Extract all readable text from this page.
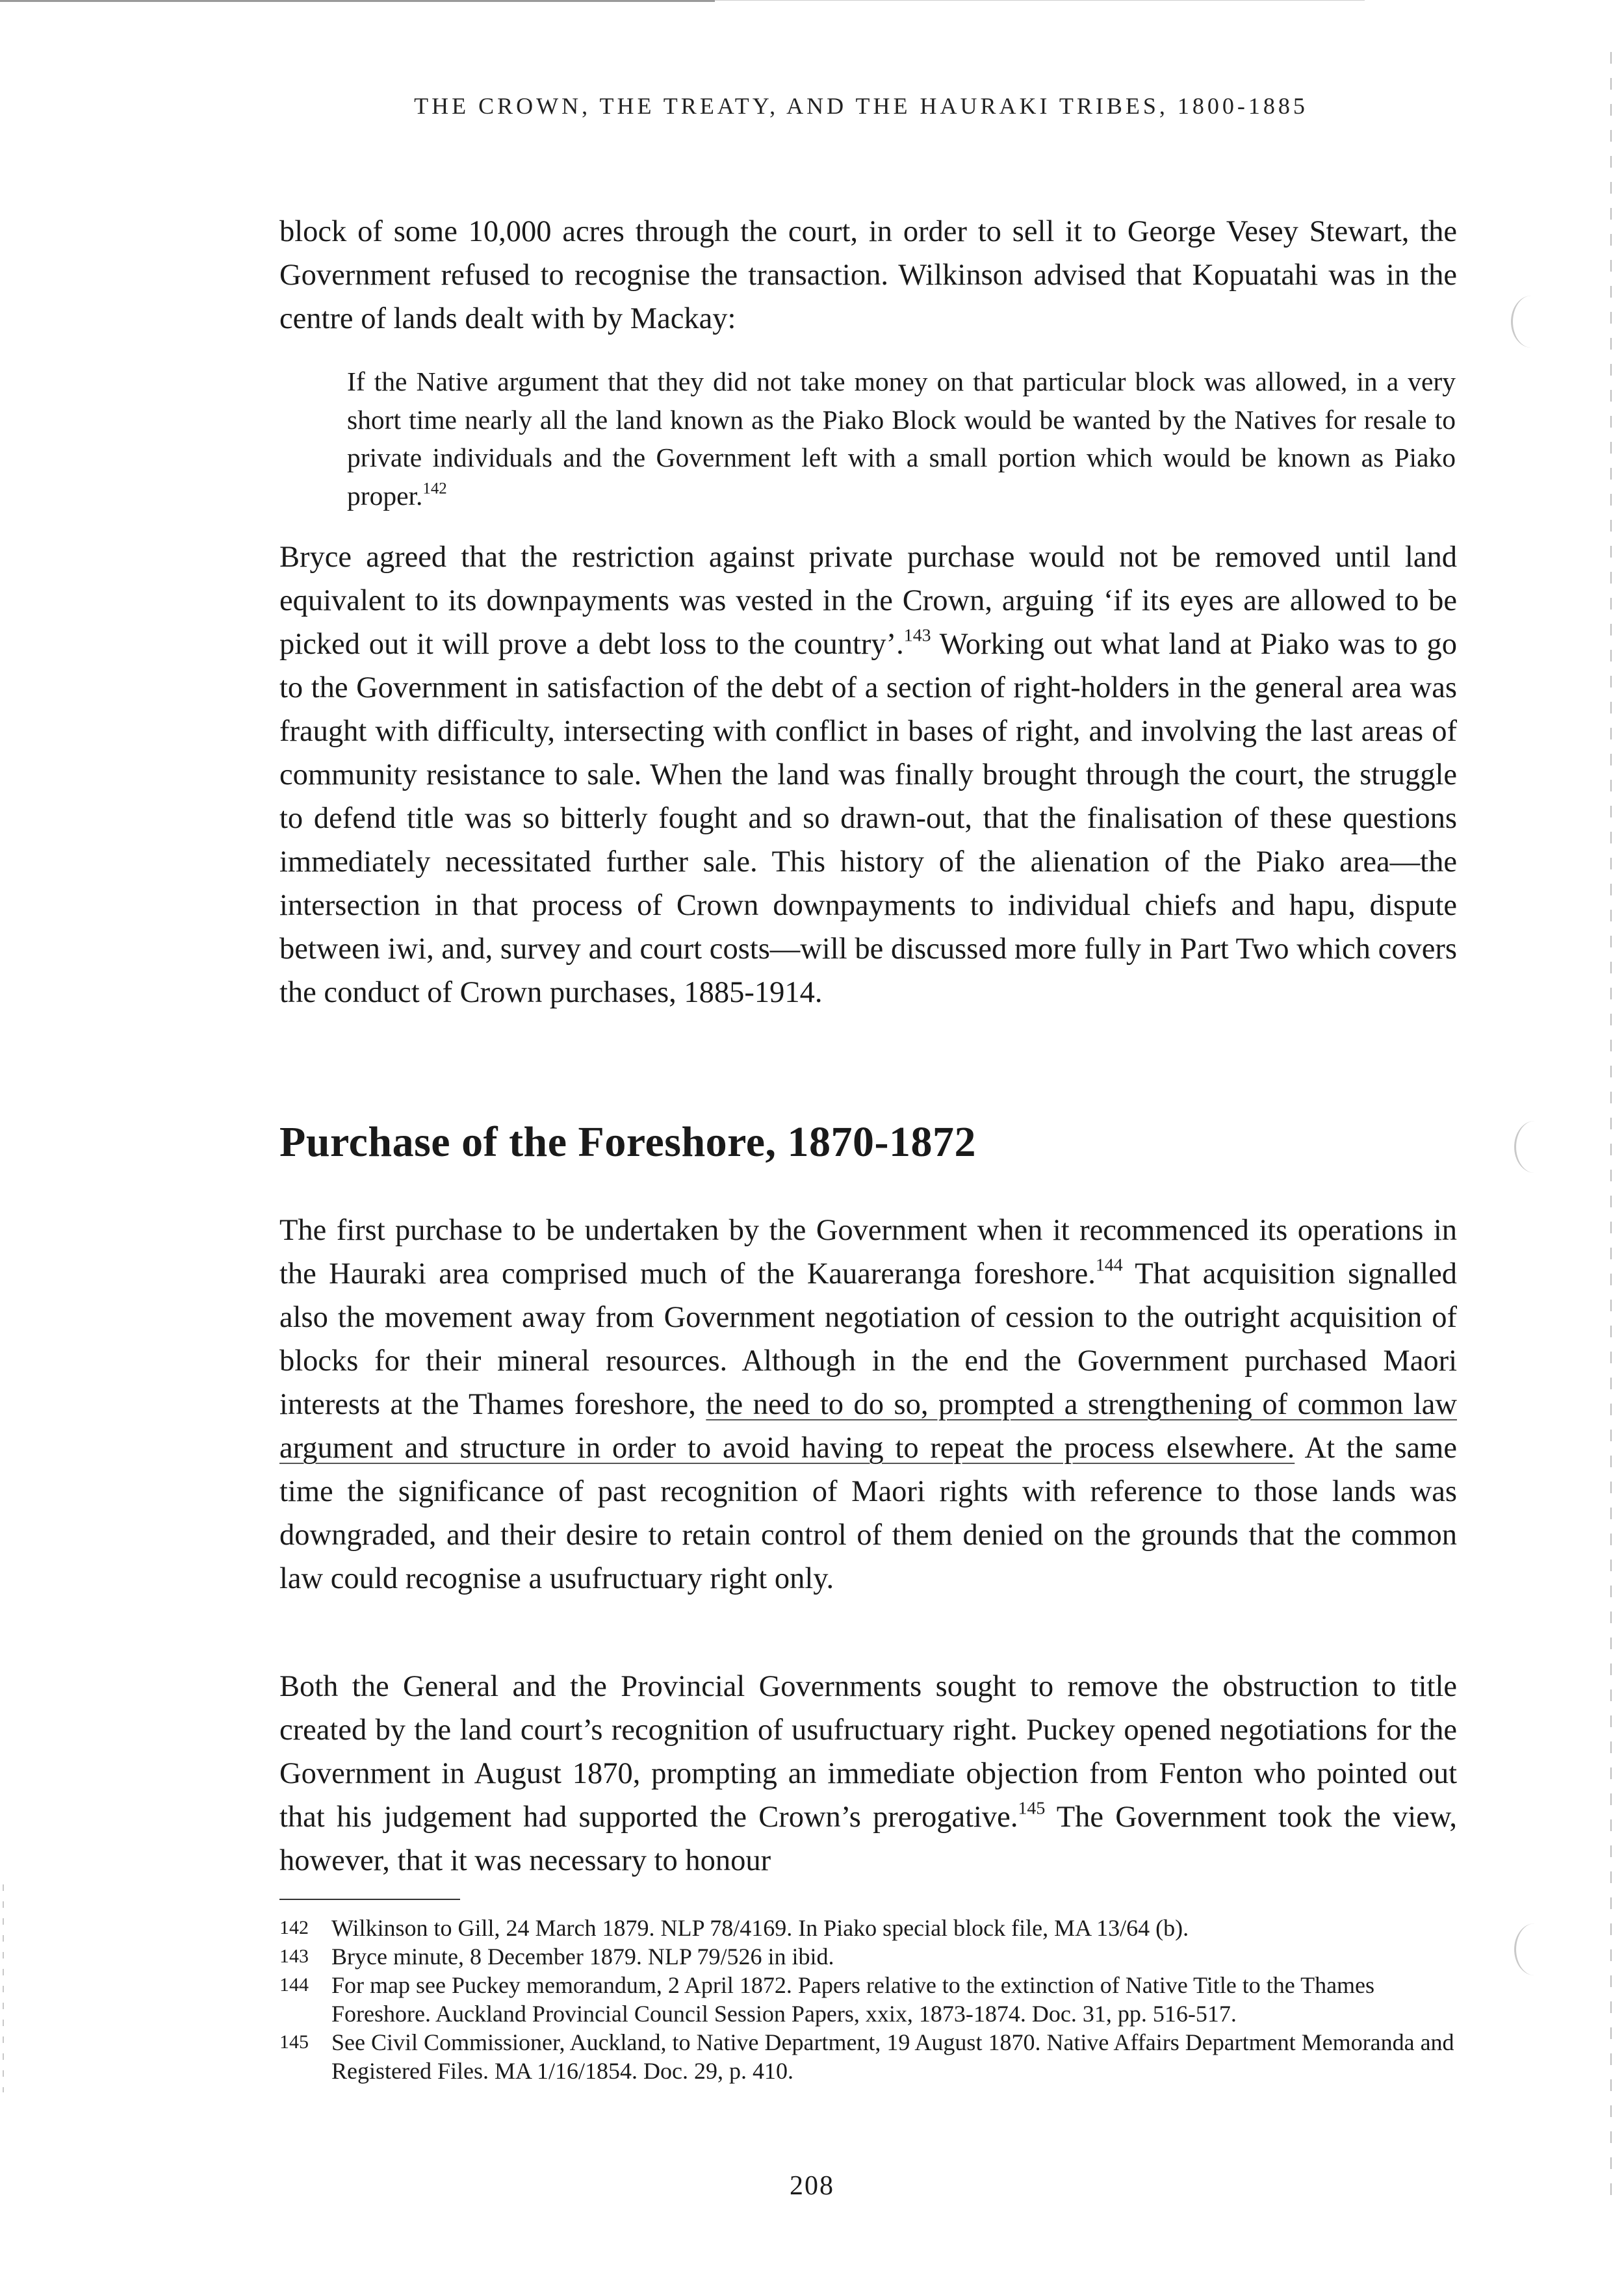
THE CROWN, THE TREATY, AND THE HAURAKI TRIBES, 1800-1885

block of some 10,000 acres through the court, in order to sell it to George Vesey Stewart, the Government refused to recognise the transaction. Wilkinson advised that Kopuatahi was in the centre of lands dealt with by Mackay:

If the Native argument that they did not take money on that particular block was allowed, in a very short time nearly all the land known as the Piako Block would be wanted by the Natives for resale to private individuals and the Government left with a small portion which would be known as Piako proper.$^{142}$

Bryce agreed that the restriction against private purchase would not be removed until land equivalent to its downpayments was vested in the Crown, arguing ‘if its eyes are allowed to be picked out it will prove a debt loss to the country’.$^{143}$ Working out what land at Piako was to go to the Government in satisfaction of the debt of a section of right-holders in the general area was fraught with difficulty, intersecting with conflict in bases of right, and involving the last areas of community resistance to sale. When the land was finally brought through the court, the struggle to defend title was so bitterly fought and so drawn-out, that the finalisation of these questions immediately necessitated further sale. This history of the alienation of the Piako area—the intersection in that process of Crown downpayments to individual chiefs and hapu, dispute between iwi, and, survey and court costs—will be discussed more fully in Part Two which covers the conduct of Crown purchases, 1885-1914.

Purchase of the Foreshore, 1870-1872

The first purchase to be undertaken by the Government when it recommenced its operations in the Hauraki area comprised much of the Kauareranga foreshore.$^{144}$ That acquisition signalled also the movement away from Government negotiation of cession to the outright acquisition of blocks for their mineral resources. Although in the end the Government purchased Maori interests at the Thames foreshore, the need to do so, prompted a strengthening of common law argument and structure in order to avoid having to repeat the process elsewhere. At the same time the significance of past recognition of Maori rights with reference to those lands was downgraded, and their desire to retain control of them denied on the grounds that the common law could recognise a usufructuary right only.

Both the General and the Provincial Governments sought to remove the obstruction to title created by the land court’s recognition of usufructuary right. Puckey opened negotiations for the Government in August 1870, prompting an immediate objection from Fenton who pointed out that his judgement had supported the Crown’s prerogative.$^{145}$ The Government took the view, however, that it was necessary to honour

142 Wilkinson to Gill, 24 March 1879. NLP 78/4169. In Piako special block file, MA 13/64 (b).
143 Bryce minute, 8 December 1879. NLP 79/526 in ibid.
144 For map see Puckey memorandum, 2 April 1872. Papers relative to the extinction of Native Title to the Thames Foreshore. Auckland Provincial Council Session Papers, xxix, 1873-1874. Doc. 31, pp. 516-517.
145 See Civil Commissioner, Auckland, to Native Department, 19 August 1870. Native Affairs Department Memoranda and Registered Files. MA 1/16/1854. Doc. 29, p. 410.
208
